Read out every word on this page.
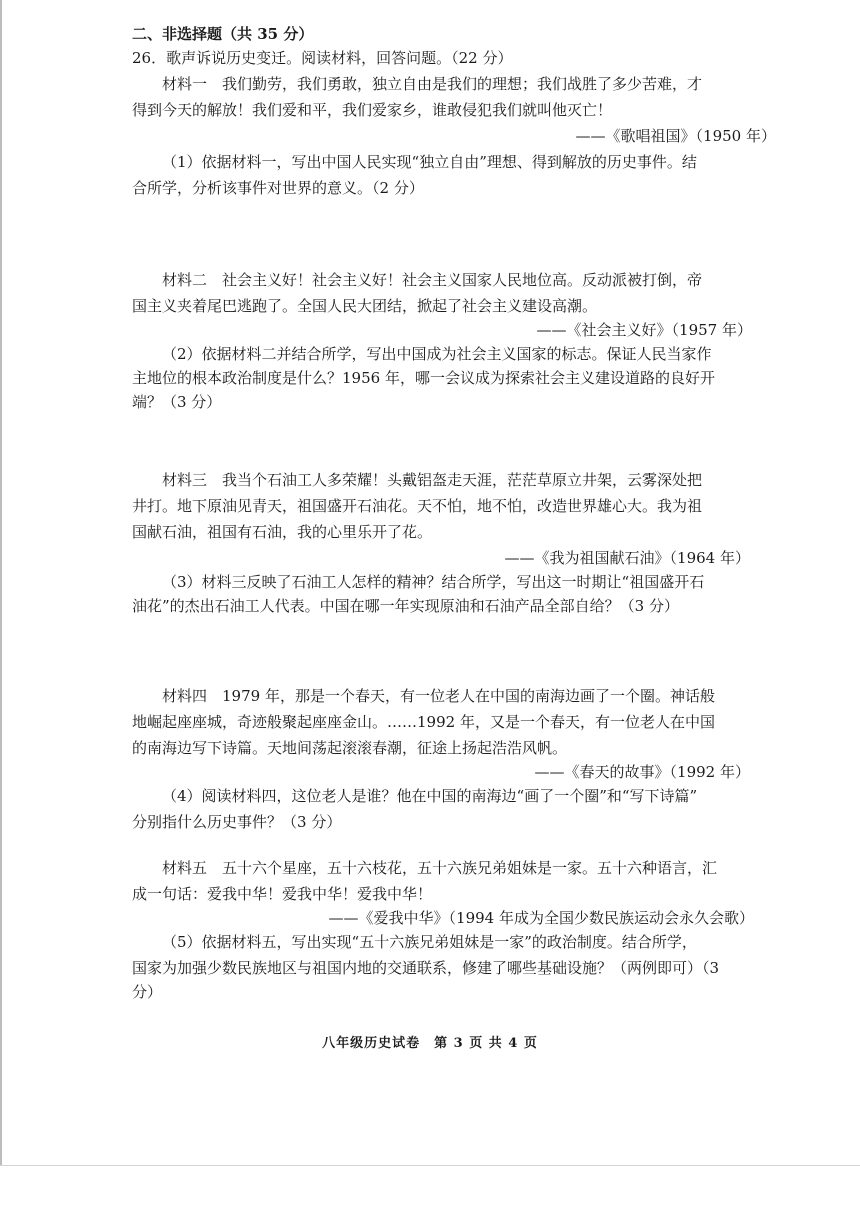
二、非选择题（共 35 分）
26．歌声诉说历史变迁。阅读材料，回答问题。（22 分）
材料一　我们勤劳，我们勇敢，独立自由是我们的理想；我们战胜了多少苦难，才
得到今天的解放！我们爱和平，我们爱家乡，谁敢侵犯我们就叫他灭亡！
——《歌唱祖国》（1950 年）
（1）依据材料一，写出中国人民实现“独立自由”理想、得到解放的历史事件。结
合所学，分析该事件对世界的意义。（2 分）
材料二　社会主义好！社会主义好！社会主义国家人民地位高。反动派被打倒，帝
国主义夹着尾巴逃跑了。全国人民大团结，掀起了社会主义建设高潮。
——《社会主义好》（1957 年）
（2）依据材料二并结合所学，写出中国成为社会主义国家的标志。保证人民当家作
主地位的根本政治制度是什么？1956 年，哪一会议成为探索社会主义建设道路的良好开
端？（3 分）
材料三　我当个石油工人多荣耀！头戴铝盔走天涯，茫茫草原立井架，云雾深处把
井打。地下原油见青天，祖国盛开石油花。天不怕，地不怕，改造世界雄心大。我为祖
国献石油，祖国有石油，我的心里乐开了花。
——《我为祖国献石油》（1964 年）
（3）材料三反映了石油工人怎样的精神？结合所学，写出这一时期让“祖国盛开石
油花”的杰出石油工人代表。中国在哪一年实现原油和石油产品全部自给？（3 分）
材料四　1979 年，那是一个春天，有一位老人在中国的南海边画了一个圈。神话般
地崛起座座城，奇迹般聚起座座金山。……1992 年，又是一个春天，有一位老人在中国
的南海边写下诗篇。天地间荡起滚滚春潮，征途上扬起浩浩风帆。
——《春天的故事》（1992 年）
（4）阅读材料四，这位老人是谁？他在中国的南海边“画了一个圈”和“写下诗篇”
分别指什么历史事件？（3 分）
材料五　五十六个星座，五十六枝花，五十六族兄弟姐妹是一家。五十六种语言，汇
成一句话：爱我中华！爱我中华！爱我中华！
——《爱我中华》（1994 年成为全国少数民族运动会永久会歌）
（5）依据材料五，写出实现“五十六族兄弟姐妹是一家”的政治制度。结合所学，
国家为加强少数民族地区与祖国内地的交通联系，修建了哪些基础设施？（两例即可）（3
分）
八年级历史试卷　第 3 页 共 4 页
